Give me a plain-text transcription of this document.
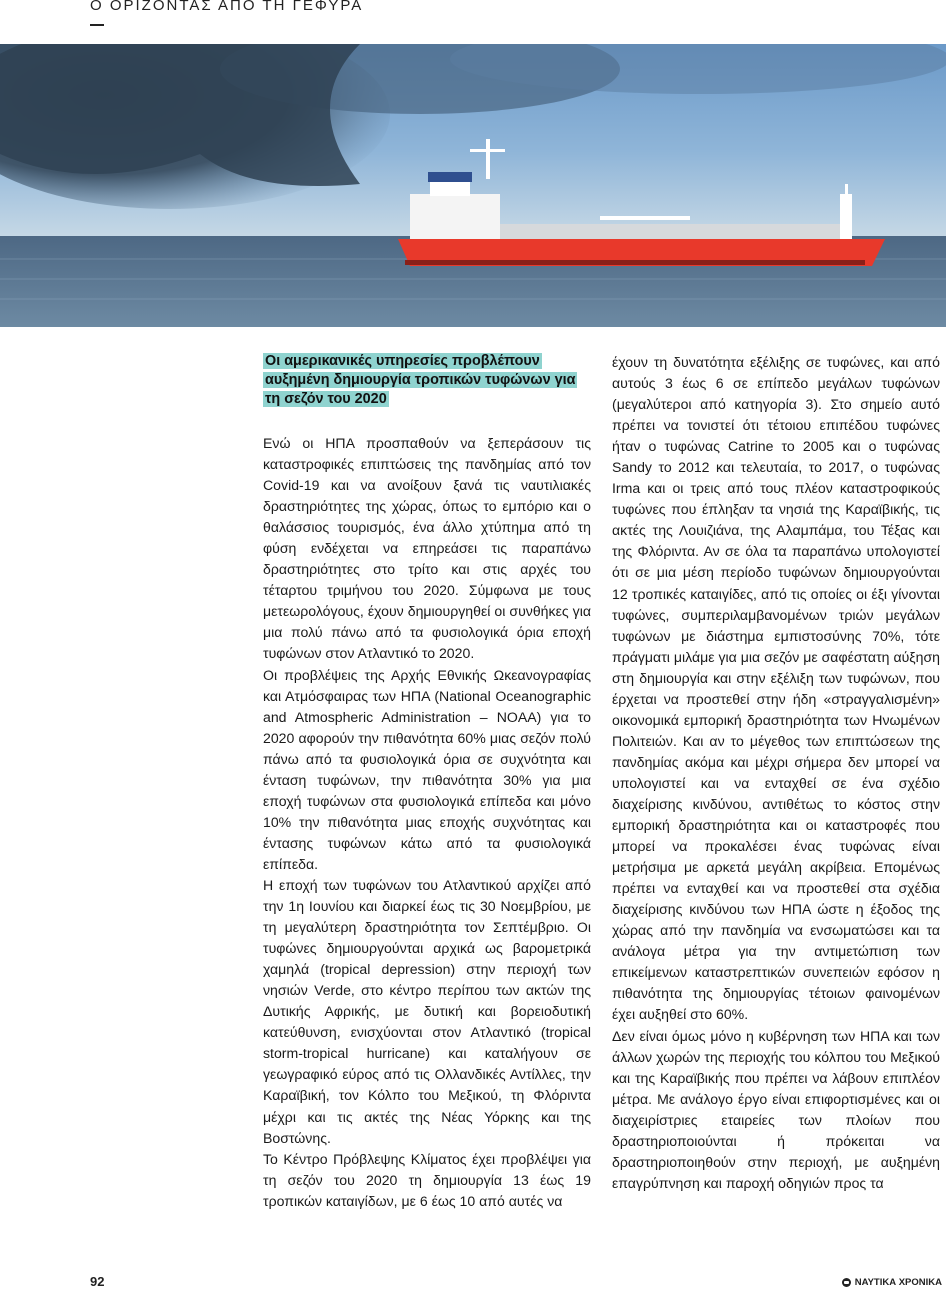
Ο ΟΡΙΖΟΝΤΑΣ ΑΠΟ ΤΗ ΓΕΦΥΡΑ
Οι αμερικανικές υπηρεσίες προβλέπουν αυξημένη δημιουργία τροπικών τυφώνων για τη σεζόν του 2020

Ενώ οι ΗΠΑ προσπαθούν να ξεπεράσουν τις καταστροφικές επιπτώσεις της πανδημίας από τον Covid-19 και να ανοίξουν ξανά τις ναυτιλιακές δραστηριότητες της χώρας, όπως το εμπόριο και ο θαλάσσιος τουρισμός, ένα άλλο χτύπημα από τη φύση ενδέχεται να επηρεάσει τις παραπάνω δραστηριότητες στο τρίτο και στις αρχές του τέταρτου τριμήνου του 2020. Σύμφωνα με τους μετεωρολόγους, έχουν δημιουργηθεί οι συνθήκες για μια πολύ πάνω από τα φυσιολογικά όρια εποχή τυφώνων στον Ατλαντικό το 2020.

Οι προβλέψεις της Αρχής Εθνικής Ωκεανογραφίας και Ατμόσφαιρας των ΗΠΑ (National Oceanographic and Atmospheric Administration – NOAA) για το 2020 αφορούν την πιθανότητα 60% μιας σεζόν πολύ πάνω από τα φυσιολογικά όρια σε συχνότητα και ένταση τυφώνων, την πιθανότητα 30% για μια εποχή τυφώνων στα φυσιολογικά επίπεδα και μόνο 10% την πιθανότητα μιας εποχής συχνότητας και έντασης τυφώνων κάτω από τα φυσιολογικά επίπεδα.

Η εποχή των τυφώνων του Ατλαντικού αρχίζει από την 1η Ιουνίου και διαρκεί έως τις 30 Νοεμβρίου, με τη μεγαλύτερη δραστηριότητα τον Σεπτέμβριο. Οι τυφώνες δημιουργούνται αρχικά ως βαρομετρικά χαμηλά (tropical depression) στην περιοχή των νησιών Verde, στο κέντρο περίπου των ακτών της Δυτικής Αφρικής, με δυτική και βορειοδυτική κατεύθυνση, ενισχύονται στον Ατλαντικό (tropical storm-tropical hurricane) και καταλήγουν σε γεωγραφικό εύρος από τις Ολλανδικές Αντίλλες, την Καραϊβική, τον Κόλπο του Μεξικού, τη Φλόριντα μέχρι και τις ακτές της Νέας Υόρκης και της Βοστώνης.

Το Κέντρο Πρόβλεψης Κλίματος έχει προβλέψει για τη σεζόν του 2020 τη δημιουργία 13 έως 19 τροπικών καταιγίδων, με 6 έως 10 από αυτές να

έχουν τη δυνατότητα εξέλιξης σε τυφώνες, και από αυτούς 3 έως 6 σε επίπεδο μεγάλων τυφώνων (μεγαλύτεροι από κατηγορία 3). Στο σημείο αυτό πρέπει να τονιστεί ότι τέτοιου επιπέδου τυφώνες ήταν ο τυφώνας Catrine το 2005 και ο τυφώνας Sandy το 2012 και τελευταία, το 2017, ο τυφώνας Irma και οι τρεις από τους πλέον καταστροφικούς τυφώνες που έπληξαν τα νησιά της Καραϊβικής, τις ακτές της Λουιζιάνα, της Αλαμπάμα, του Τέξας και της Φλόριντα. Αν σε όλα τα παραπάνω υπολογιστεί ότι σε μια μέση περίοδο τυφώνων δημιουργούνται 12 τροπικές καταιγίδες, από τις οποίες οι έξι γίνονται τυφώνες, συμπεριλαμβανομένων τριών μεγάλων τυφώνων με διάστημα εμπιστοσύνης 70%, τότε πράγματι μιλάμε για μια σεζόν με σαφέστατη αύξηση στη δημιουργία και στην εξέλιξη των τυφώνων, που έρχεται να προστεθεί στην ήδη «στραγγαλισμένη» οικονομικά εμπορική δραστηριότητα των Ηνωμένων Πολιτειών. Και αν το μέγεθος των επιπτώσεων της πανδημίας ακόμα και μέχρι σήμερα δεν μπορεί να υπολογιστεί και να ενταχθεί σε ένα σχέδιο διαχείρισης κινδύνου, αντιθέτως το κόστος στην εμπορική δραστηριότητα και οι καταστροφές που μπορεί να προκαλέσει ένας τυφώνας είναι μετρήσιμα με αρκετά μεγάλη ακρίβεια. Επομένως πρέπει να ενταχθεί και να προστεθεί στα σχέδια διαχείρισης κινδύνου των ΗΠΑ ώστε η έξοδος της χώρας από την πανδημία να ενσωματώσει και τα ανάλογα μέτρα για την αντιμετώπιση των επικείμενων καταστρεπτικών συνεπειών εφόσον η πιθανότητα της δημιουργίας τέτοιων φαινομένων έχει αυξηθεί στο 60%.

Δεν είναι όμως μόνο η κυβέρνηση των ΗΠΑ και των άλλων χωρών της περιοχής του κόλπου του Μεξικού και της Καραϊβικής που πρέπει να λάβουν επιπλέον μέτρα. Με ανάλογο έργο είναι επιφορτισμένες και οι διαχειρίστριες εταιρείες των πλοίων που δραστηριοποιούνται ή πρόκειται να δραστηριοποιηθούν στην περιοχή, με αυξημένη επαγρύπνηση και παροχή οδηγιών προς τα

92	ΝΑΥΤΙΚΑ ΧΡΟΝΙΚΑ
